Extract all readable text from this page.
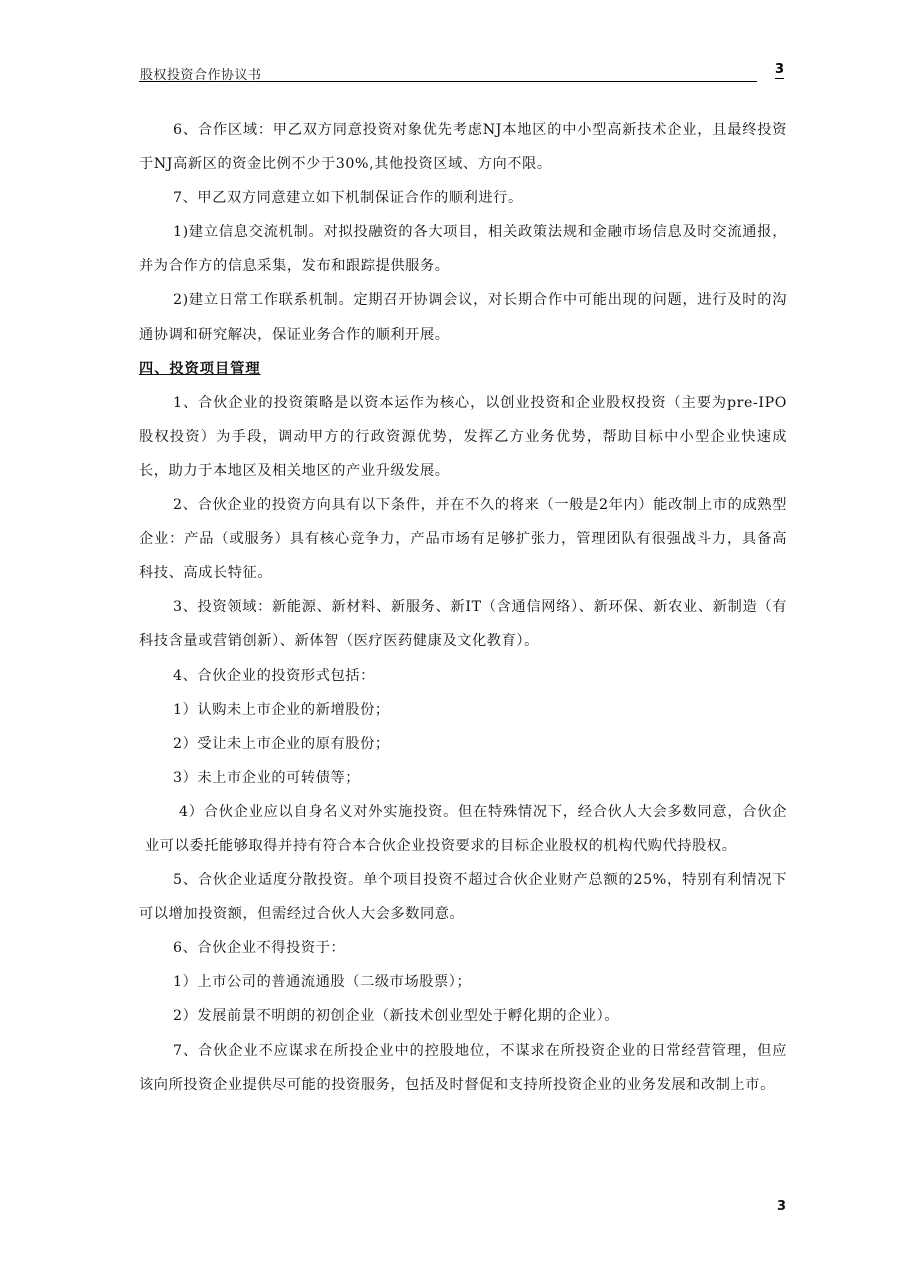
股权投资合作协议书	3

6、合作区域：甲乙双方同意投资对象优先考虑NJ本地区的中小型高新技术企业，且最终投资于NJ高新区的资金比例不少于30%,其他投资区域、方向不限。

7、甲乙双方同意建立如下机制保证合作的顺利进行。

1)建立信息交流机制。对拟投融资的各大项目，相关政策法规和金融市场信息及时交流通报，并为合作方的信息采集，发布和跟踪提供服务。

2)建立日常工作联系机制。定期召开协调会议，对长期合作中可能出现的问题，进行及时的沟通协调和研究解决，保证业务合作的顺利开展。

四、投资项目管理

1、合伙企业的投资策略是以资本运作为核心，以创业投资和企业股权投资（主要为pre-IPO股权投资）为手段，调动甲方的行政资源优势，发挥乙方业务优势，帮助目标中小型企业快速成长，助力于本地区及相关地区的产业升级发展。

2、合伙企业的投资方向具有以下条件，并在不久的将来（一般是2年内）能改制上市的成熟型企业：产品（或服务）具有核心竞争力，产品市场有足够扩张力，管理团队有很强战斗力，具备高科技、高成长特征。

3、投资领域：新能源、新材料、新服务、新IT（含通信网络）、新环保、新农业、新制造（有科技含量或营销创新）、新体智（医疗医药健康及文化教育）。

4、合伙企业的投资形式包括：

1）认购未上市企业的新增股份；

2）受让未上市企业的原有股份；

3）未上市企业的可转债等；

4）合伙企业应以自身名义对外实施投资。但在特殊情况下，经合伙人大会多数同意，合伙企业可以委托能够取得并持有符合本合伙企业投资要求的目标企业股权的机构代购代持股权。

5、合伙企业适度分散投资。单个项目投资不超过合伙企业财产总额的25%，特别有利情况下可以增加投资额，但需经过合伙人大会多数同意。

6、合伙企业不得投资于：

1）上市公司的普通流通股（二级市场股票）；

2）发展前景不明朗的初创企业（新技术创业型处于孵化期的企业）。

7、合伙企业不应谋求在所投企业中的控股地位，不谋求在所投资企业的日常经营管理，但应该向所投资企业提供尽可能的投资服务，包括及时督促和支持所投资企业的业务发展和改制上市。

3
